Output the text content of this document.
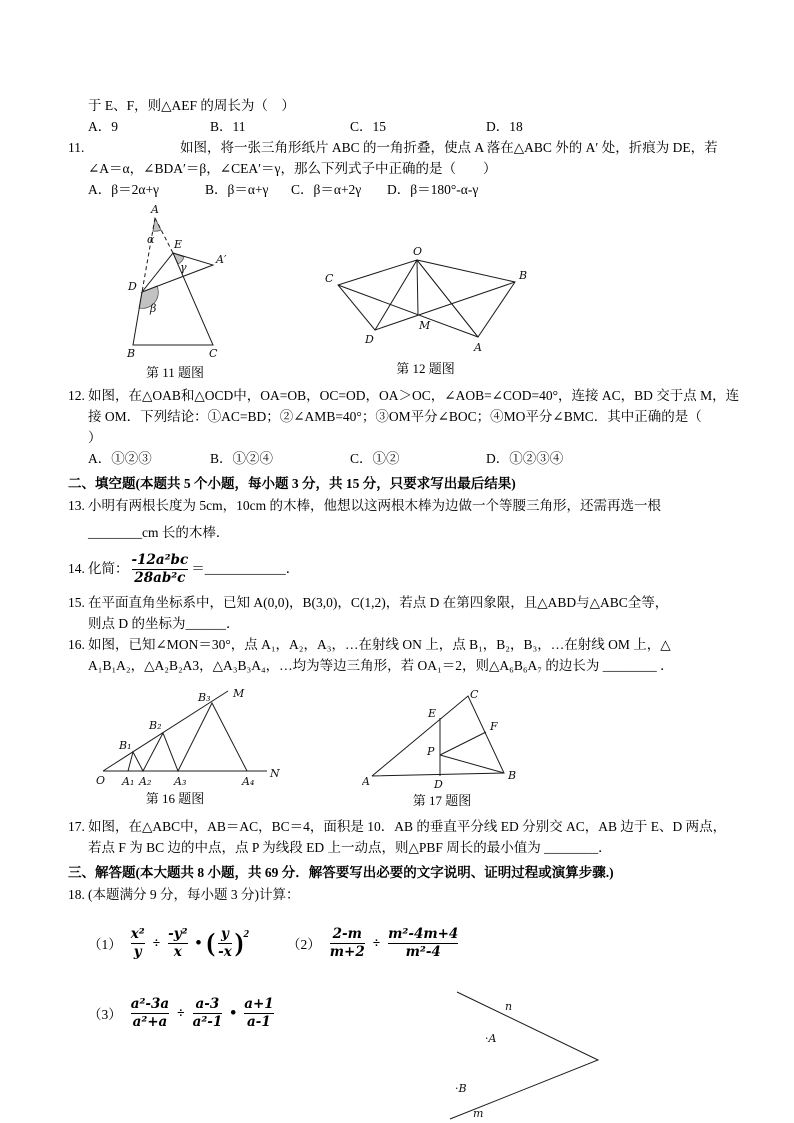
于 E、F，则△AEF 的周长为（　）
A．9	B．11	C．15	D．18
11.	如图，将一张三角形纸片 ABC 的一角折叠，使点 A 落在△ABC 外的 A′ 处，折痕为 DE，若
∠A＝α，∠BDA′＝β，∠CEA′＝γ，那么下列式子中正确的是（　　）
A．β＝2α+γ	B．β＝α+γ	C．β＝α+2γ	D．β＝180°-α-γ
A
α E
A′
γ
D
β
B	C
第 11 题图
O
C	B
D
M
A
第 12 题图
12. 如图，在△OAB和△OCD中，OA=OB，OC=OD，OA＞OC，∠AOB=∠COD=40°，连接 AC，BD 交于点 M，连
接 OM．下列结论：①AC=BD；②∠AMB=40°；③OM平分∠BOC；④MO平分∠BMC．其中正确的是（
）
A．①②③	B．①②④	C．①②	D．①②③④
二、填空题(本题共 5 个小题，每小题 3 分，共 15 分，只要求写出最后结果)
13. 小明有两根长度为 5cm，10cm 的木棒，他想以这两根木棒为边做一个等腰三角形，还需再选一根
________cm 长的木棒．
14. 化简： $\frac{\text{-12a²bc}}{\text{28ab²c}}$ ＝ ____________ ．
15. 在平面直角坐标系中，已知 A(0,0)，B(3,0)，C(1,2)，若点 D 在第四象限，且△ABD与△ABC全等，
则点 D 的坐标为______．
16. 如图，已知∠MON＝30°，点 A₁，A₂，A₃，…在射线 ON 上，点 B₁，B₂，B₃，…在射线 OM 上，△
A₁B₁A₂，△A₂B₂A3，△A₃B₃A₄，…均为等边三角形，若 OA₁＝2，则△A₆B₆A₇ 的边长为 ________ ．
M
B₃
B₂
B₁
O A₁ A₂ A₃	A₄
N
第 16 题图
A
C
B
E
D
F
P
第 17 题图
17. 如图，在△ABC中，AB＝AC，BC＝4，面积是 10．AB 的垂直平分线 ED 分别交 AC，AB 边于 E、D 两点，
若点 F 为 BC 边的中点，点 P 为线段 ED 上一动点，则△PBF 周长的最小值为 ________．
三、解答题(本大题共 8 小题，共 69 分．解答要写出必要的文字说明、证明过程或演算步骤.)
18. (本题满分 9 分，每小题 3 分)计算：
$(1) \frac{\text{x²}}{y} \div \frac{\text{-y²}}{x}$ • ( $\frac{y}{-x}$ ) 2
$(2) \frac{2-m}{m+2} \div \frac{\text{m²-4m+4}}{\text{m²-4}}$
$(3) \frac{\text{a²-3a}}{\text{a²+a}} \div \frac{a-3}{\text{a²-1}}$ • $\frac{a+1}{a-1}$	n
·A
·B
m
